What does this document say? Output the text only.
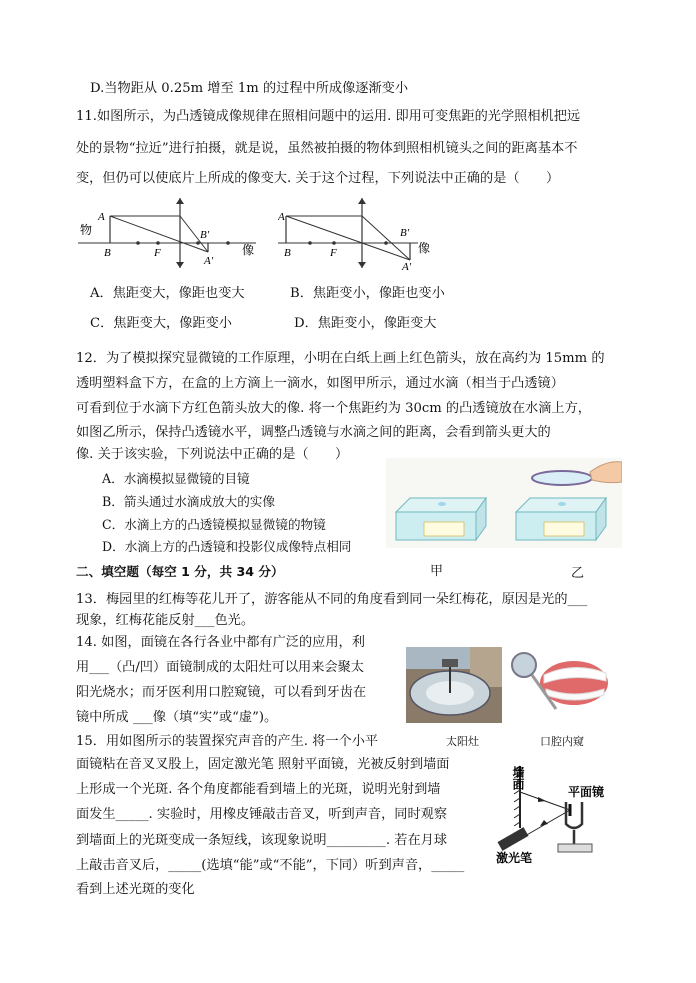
D.当物距从 0.25m 增至 1m 的过程中所成像逐渐变小
11.如图所示，为凸透镜成像规律在照相问题中的运用. 即用可变焦距的光学照相机把远
处的景物“拉近”进行拍摄，就是说，虽然被拍摄的物体到照相机镜头之间的距离基本不
变，但仍可以使底片上所成的像变大. 关于这个过程，下列说法中正确的是（　　）
物
A
B	F
B'
A'
像
A
B	F
B'
A'
像
A．焦距变大，像距也变大	B．焦距变小，像距也变小
C．焦距变大，像距变小	D．焦距变小，像距变大
12．为了模拟探究显微镜的工作原理，小明在白纸上画上红色箭头，放在高约为 15mm 的
透明塑料盒下方，在盒的上方滴上一滴水，如图甲所示，通过水滴（相当于凸透镜）
可看到位于水滴下方红色箭头放大的像. 将一个焦距约为 30cm 的凸透镜放在水滴上方，
如图乙所示，保持凸透镜水平，调整凸透镜与水滴之间的距离，会看到箭头更大的
像. 关于该实验，下列说法中正确的是（　　）
A．水滴模拟显微镜的目镜
B．箭头通过水滴成放大的实像
C．水滴上方的凸透镜模拟显微镜的物镜
D．水滴上方的凸透镜和投影仪成像特点相同
甲	乙
二、填空题（每空 1 分，共 34 分）
13．梅园里的红梅等花儿开了，游客能从不同的角度看到同一朵红梅花，原因是光的___
现象，红梅花能反射___色光。
14. 如图，面镜在各行各业中都有广泛的应用，利
用___（凸/凹）面镜制成的太阳灶可以用来会聚太
阳光烧水；而牙医利用口腔窥镜，可以看到牙齿在
镜中所成 ___像（填“实”或“虚”)。
太阳灶	口腔内窥
15．用如图所示的装置探究声音的产生. 将一个小平
面镜粘在音叉叉股上，固定激光笔 照射平面镜，光被反射到墙面
上形成一个光斑. 各个角度都能看到墙上的光斑，说明光射到墙
面发生_____. 实验时，用橡皮锤敲击音叉，听到声音，同时观察
到墙面上的光斑变成一条短线，该现象说明_________. 若在月球
上敲击音叉后，_____(选填“能”或“不能”，下同）听到声音，_____
看到上述光斑的变化
墙面
平面镜
激光笔
